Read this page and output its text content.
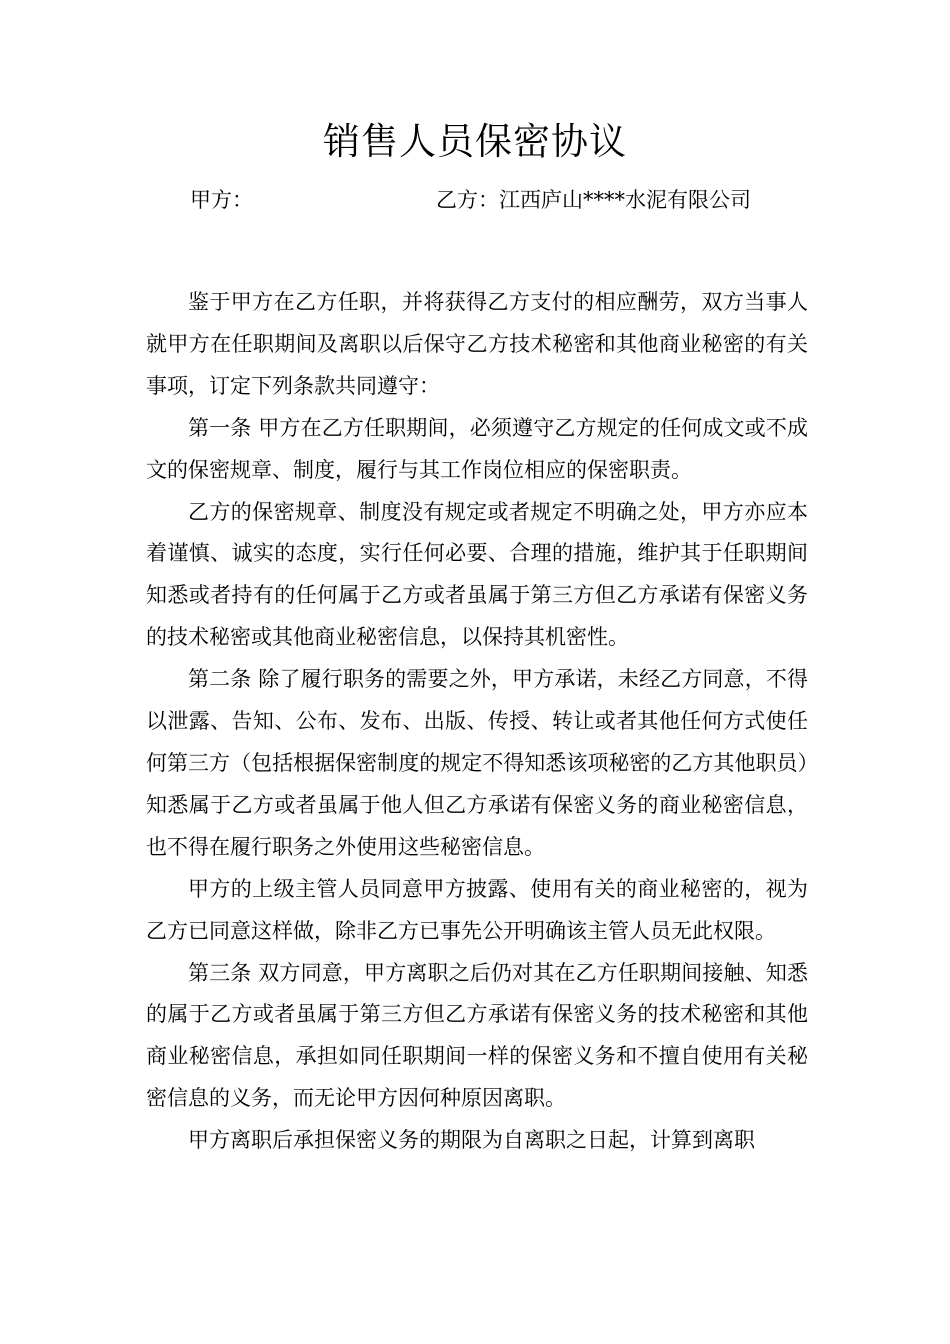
销售人员保密协议
甲方：	乙方：江西庐山****水泥有限公司

鉴于甲方在乙方任职，并将获得乙方支付的相应酬劳，双方当事人就甲方在任职期间及离职以后保守乙方技术秘密和其他商业秘密的有关事项，订定下列条款共同遵守：

第一条 甲方在乙方任职期间，必须遵守乙方规定的任何成文或不成文的保密规章、制度，履行与其工作岗位相应的保密职责。

乙方的保密规章、制度没有规定或者规定不明确之处，甲方亦应本着谨慎、诚实的态度，实行任何必要、合理的措施，维护其于任职期间知悉或者持有的任何属于乙方或者虽属于第三方但乙方承诺有保密义务的技术秘密或其他商业秘密信息，以保持其机密性。

第二条 除了履行职务的需要之外，甲方承诺，未经乙方同意，不得以泄露、告知、公布、发布、出版、传授、转让或者其他任何方式使任何第三方（包括根据保密制度的规定不得知悉该项秘密的乙方其他职员）知悉属于乙方或者虽属于他人但乙方承诺有保密义务的商业秘密信息，也不得在履行职务之外使用这些秘密信息。

甲方的上级主管人员同意甲方披露、使用有关的商业秘密的，视为乙方已同意这样做，除非乙方已事先公开明确该主管人员无此权限。

第三条 双方同意，甲方离职之后仍对其在乙方任职期间接触、知悉的属于乙方或者虽属于第三方但乙方承诺有保密义务的技术秘密和其他商业秘密信息，承担如同任职期间一样的保密义务和不擅自使用有关秘密信息的义务，而无论甲方因何种原因离职。

甲方离职后承担保密义务的期限为自离职之日起，计算到离职
